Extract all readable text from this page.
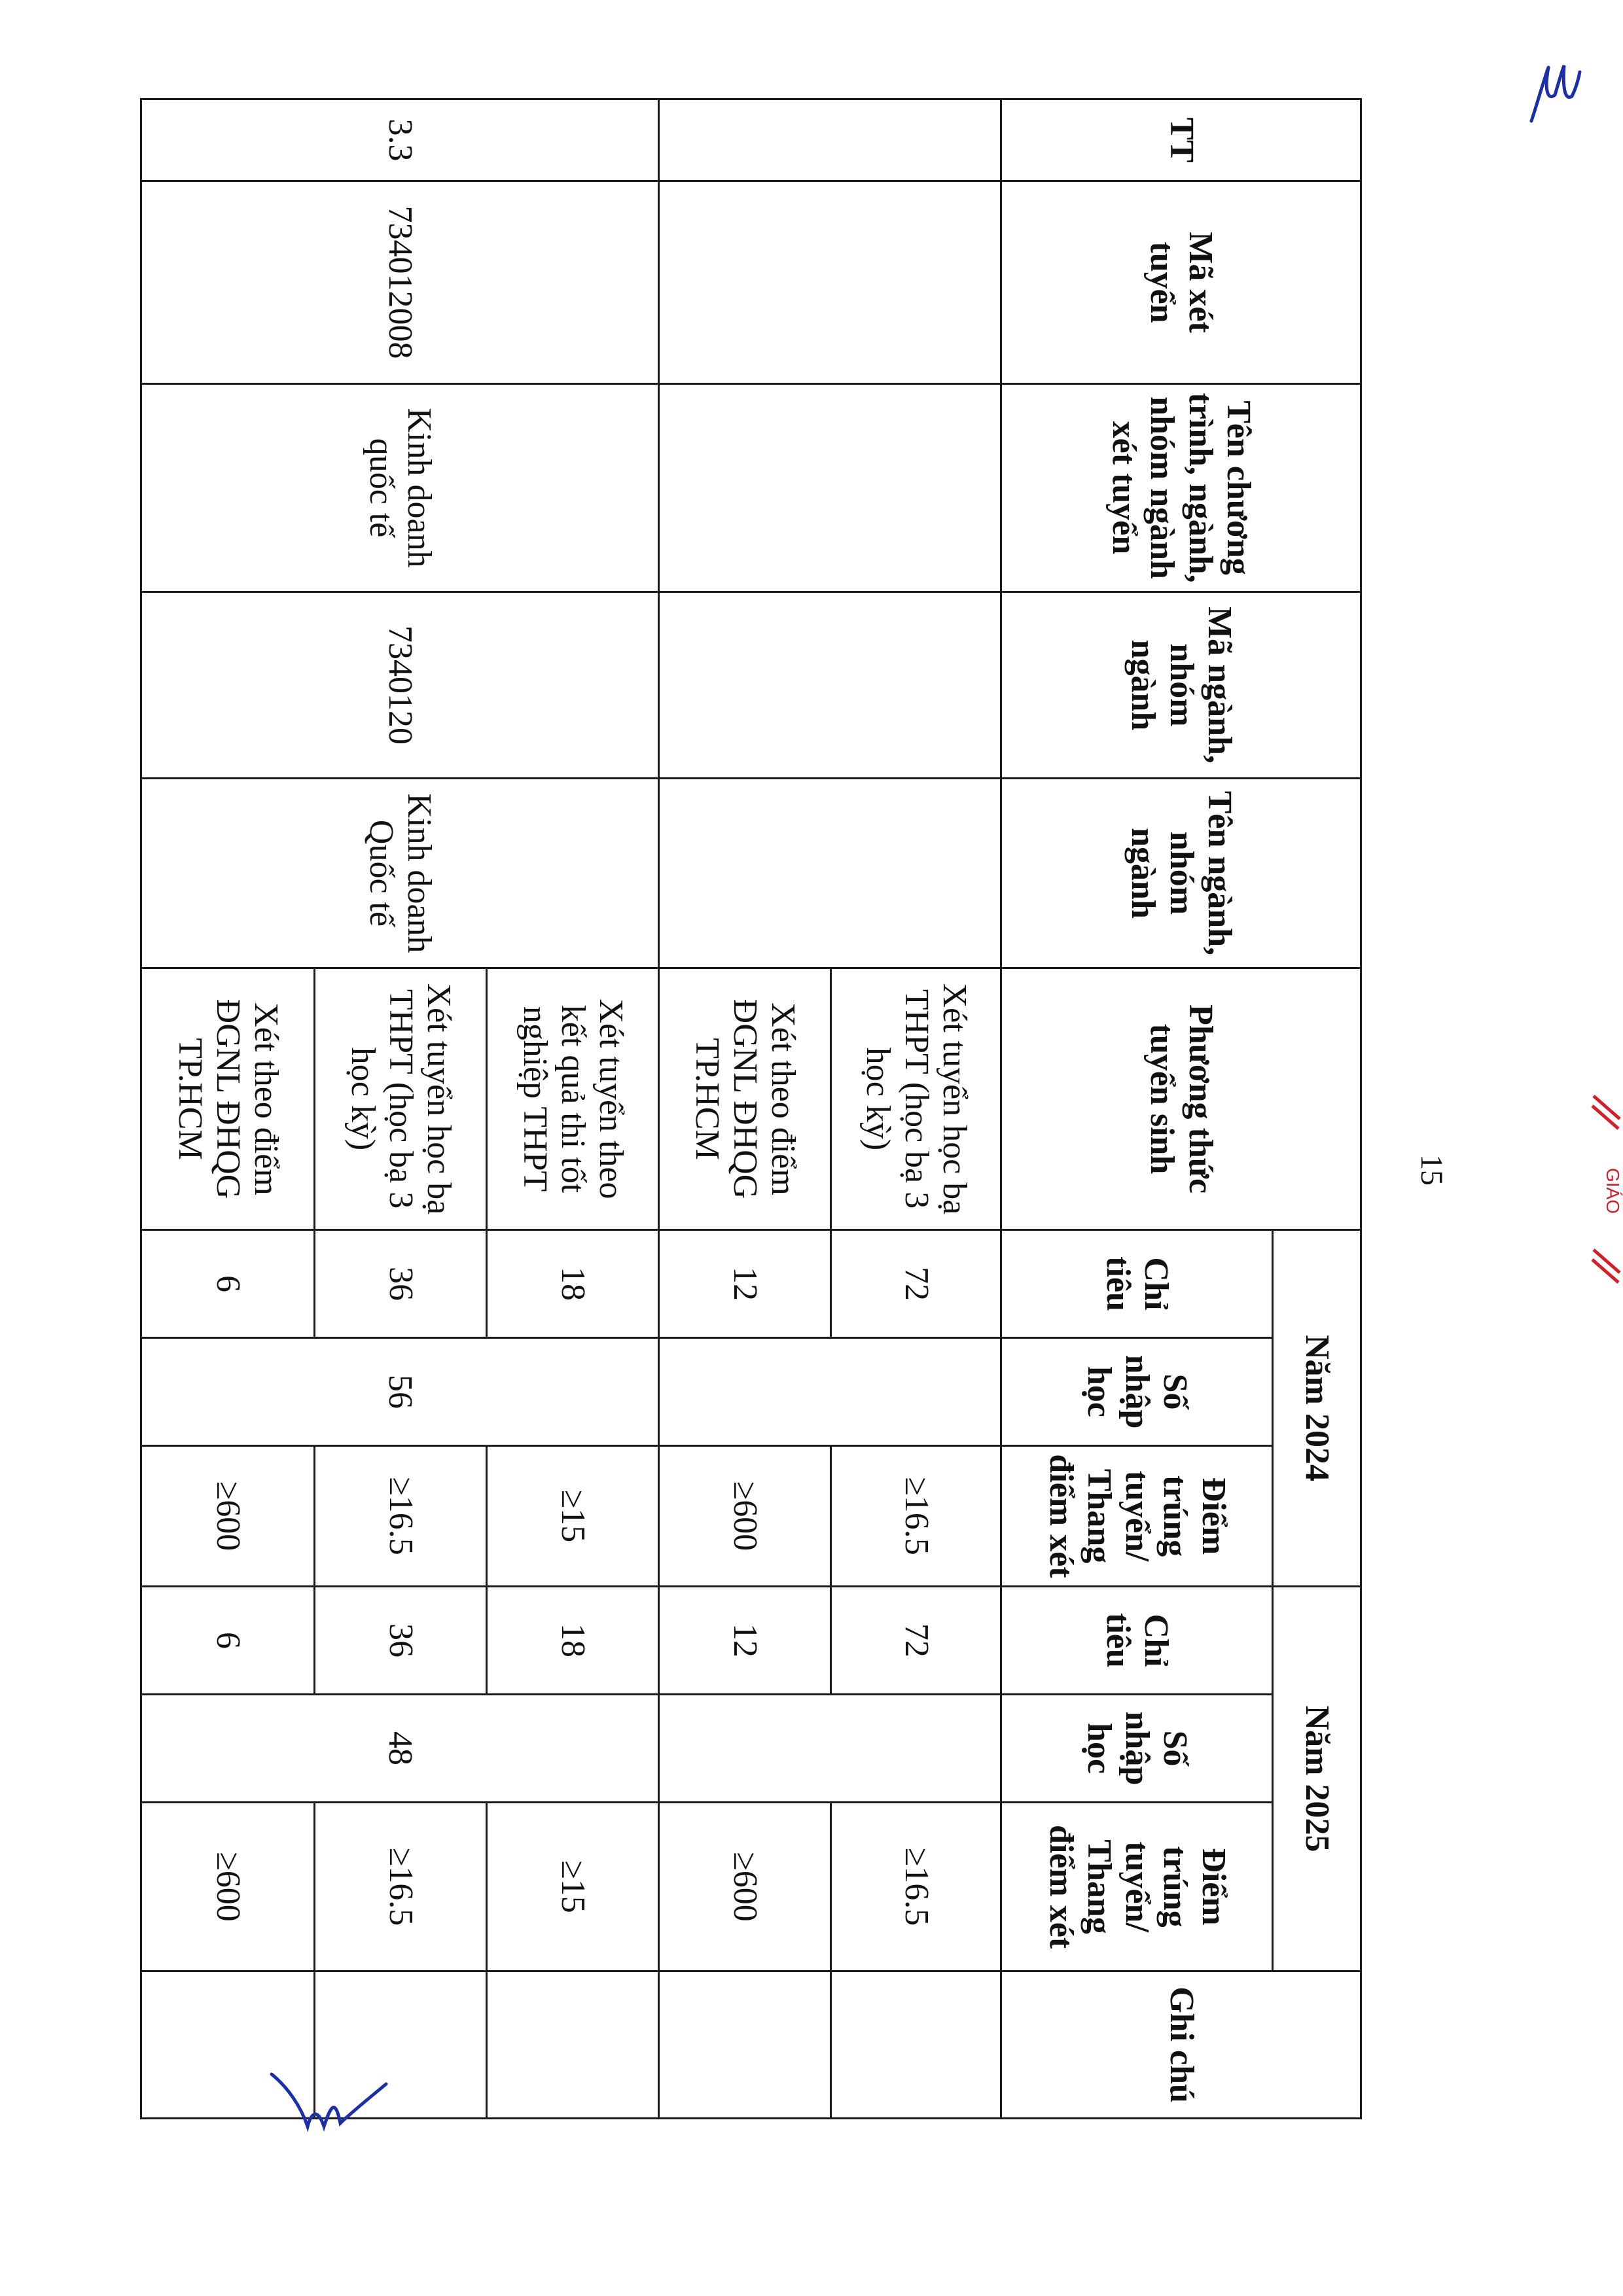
TT	Mã xét tuyển	Tên chương trình, ngành, nhóm ngành xét tuyển	Mã ngành, nhóm ngành	Tên ngành, nhóm ngành	Phương thức tuyển sinh	Năm 2024			Năm 2025			Ghi chú
						Chỉ tiêu	Số nhập học	Điểm trúng tuyển/ Thang điểm xét	Chỉ tiêu	Số nhập học	Điểm trúng tuyển/ Thang điểm xét	
					Xét tuyển học bạ THPT (học bạ 3 học kỳ)	72		≥16.5	72		≥16.5	
					Xét theo điểm ĐGNL ĐHQG TP.HCM	12		≥600	12		≥600	
3.3	734012008	Kinh doanh quốc tế	7340120	Kinh doanh Quốc tế	Xét tuyển theo kết quả thi tốt nghiệp THPT	18	56	≥15	18	48	≥15	
					Xét tuyển học bạ THPT (học bạ 3 học kỳ)	36		≥16.5	36		≥16.5	
					Xét theo điểm ĐGNL ĐHQG TP.HCM	6		≥600	6		≥600	
15	GIÁO
